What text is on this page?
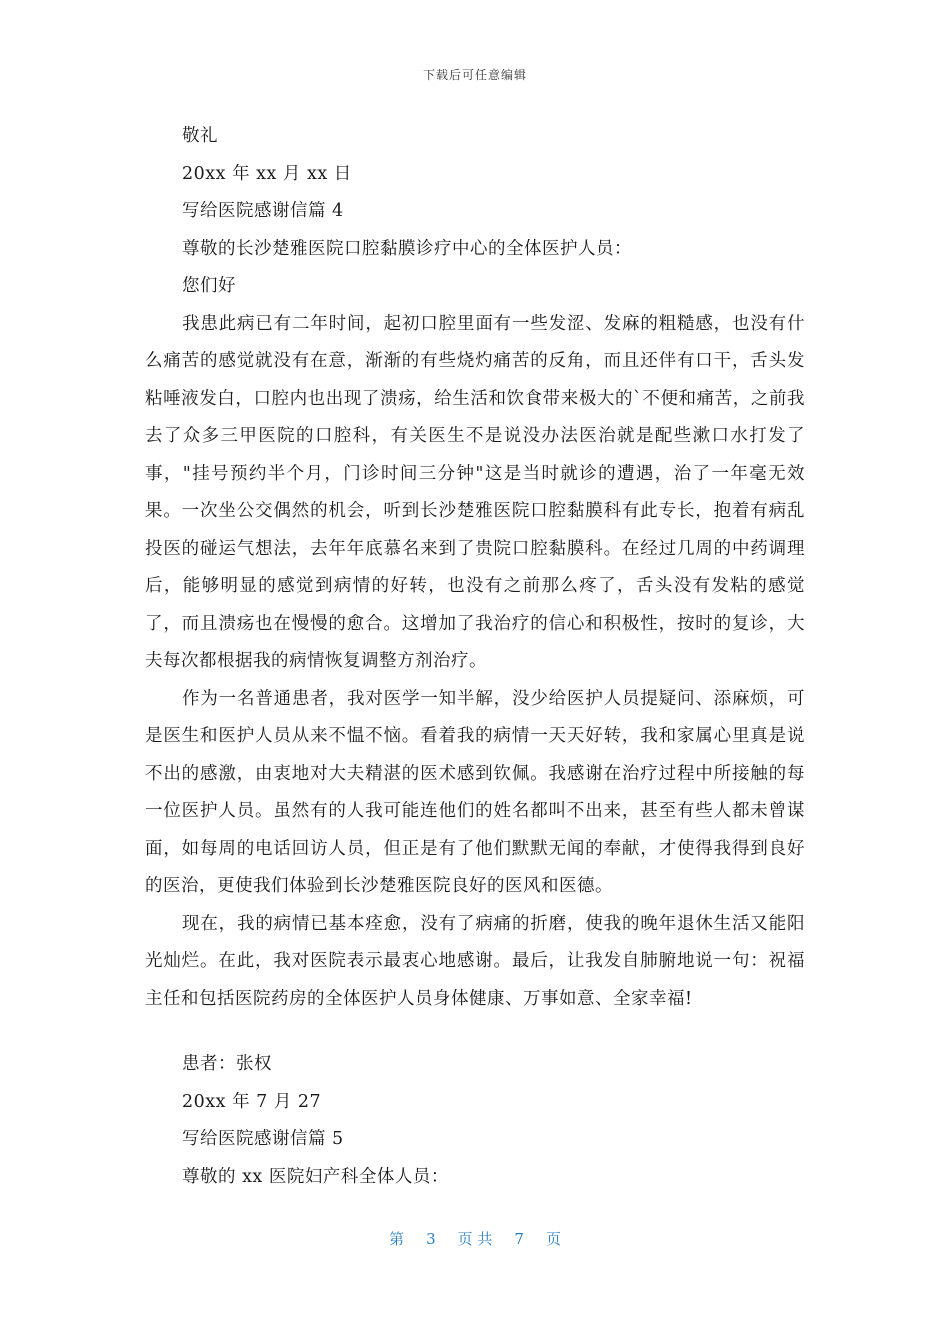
下载后可任意编辑

敬礼

20xx 年 xx 月 xx 日

写给医院感谢信篇 4

尊敬的长沙楚雅医院口腔黏膜诊疗中心的全体医护人员：

您们好

我患此病已有二年时间，起初口腔里面有一些发涩、发麻的粗糙感，也没有什么痛苦的感觉就没有在意，渐渐的有些烧灼痛苦的反角，而且还伴有口干，舌头发粘唾液发白，口腔内也出现了溃疡，给生活和饮食带来极大的`不便和痛苦，之前我去了众多三甲医院的口腔科，有关医生不是说没办法医治就是配些漱口水打发了事，"挂号预约半个月，门诊时间三分钟"这是当时就诊的遭遇，治了一年毫无效果。一次坐公交偶然的机会，听到长沙楚雅医院口腔黏膜科有此专长，抱着有病乱投医的碰运气想法，去年年底慕名来到了贵院口腔黏膜科。在经过几周的中药调理后，能够明显的感觉到病情的好转，也没有之前那么疼了，舌头没有发粘的感觉了，而且溃疡也在慢慢的愈合。这增加了我治疗的信心和积极性，按时的复诊，大夫每次都根据我的病情恢复调整方剂治疗。

作为一名普通患者，我对医学一知半解，没少给医护人员提疑问、添麻烦，可是医生和医护人员从来不愠不恼。看着我的病情一天天好转，我和家属心里真是说不出的感激，由衷地对大夫精湛的医术感到钦佩。我感谢在治疗过程中所接触的每一位医护人员。虽然有的人我可能连他们的姓名都叫不出来，甚至有些人都未曾谋面，如每周的电话回访人员，但正是有了他们默默无闻的奉献，才使得我得到良好的医治，更使我们体验到长沙楚雅医院良好的医风和医德。

现在，我的病情已基本痊愈，没有了病痛的折磨，使我的晚年退休生活又能阳光灿烂。在此，我对医院表示最衷心地感谢。最后，让我发自肺腑地说一句：祝福主任和包括医院药房的全体医护人员身体健康、万事如意、全家幸福!

患者：张权

20xx 年 7 月 27

写给医院感谢信篇 5

尊敬的 xx 医院妇产科全体人员：

第 3 页 共 7 页
